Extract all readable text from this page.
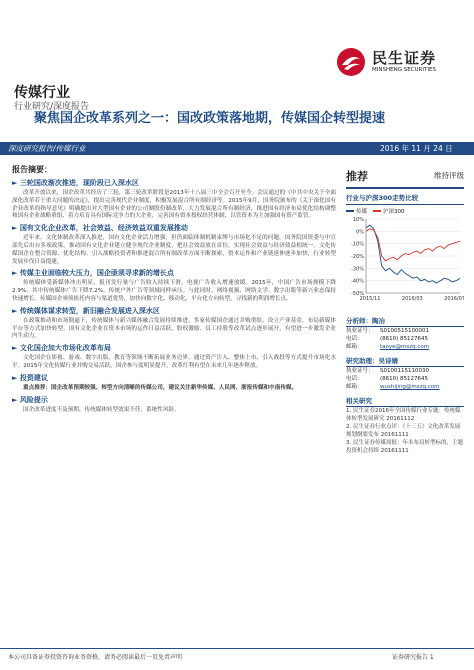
民生证券
MINSHENG SECURITIES
传媒行业
行业研究/深度报告
聚焦国企改革系列之一：国改政策落地期，传媒国企转型提速
深度研究报告/传媒行业	2016 年 11 月 24 日
报告摘要：
► 三轮国改渐次推进，现阶段已入深水区
改革开放以来，国企改革共经历了三轮，第三轮改革阶段是2013年十八届三中全会召开至今。会议通过的《中共中央关于全面深化改革若干重大问题的决定》，提出完善现代企业制度，积极发展混合所有制经济等。2015年9月，国务院颁布的《关于深化国有企业改革的指导意见》明确提出对大型国有企业的公司制股份制改革，大力发展混合所有制经济，推进国有经济布局优化结构调整和国有企业战略重组，着力培育具有国际竞争力的大企业，完善国有资本授权经营体制，以管资本为主加强国有资产监管。
► 国有文化企业改革，社会效益、经济效益双重发展推动
近年来，文化体制改革深入推进，国有文化企业活力增强，但仍面临体制机制束缚与市场化不足的问题。国务院国资委与中宣部先后出台多项政策，推动国有文化企业建立健全现代企业制度，把社会效益放在首位，实现社会效益与经济效益相统一。文化传媒国企在整合资源、优化结构、引入战略投资者和推进混合所有制改革方面不断探索，资本运作和产业链延伸逐步加快，行业转型发展步伐日益提速。
► 传媒主业面临较大压力，国企亟须寻求新的增长点
传统媒体受新媒体冲击明显，报刊发行量与广告收入持续下滑，电视广告收入增速放缓。2015年，中国广告市场规模下降2.9%，其中传统媒体广告下降7.2%，传统户外广告等领域同样承压。与此同时，网络视频、网络文学、数字出版等新兴业态保持快速增长。传媒国企亟须依托内容与渠道优势，加快向数字化、移动化、平台化方向转型，寻找新的利润增长点。
► 传统媒体谋求转型，新旧融合发展进入深水区
在政策推动和市场倒逼下，传统媒体与新兴媒体融合发展持续推进，多家传媒国企通过并购重组、设立产业基金、布局新媒体平台等方式加快转型。国有文化企业在资本市场的运作日益活跃，股权激励、员工持股等改革试点逐步展开，有望进一步激发企业内生动力。
► 文化国企加大市场化改革布局
文化国企在影视、游戏、数字出版、教育等领域不断拓展业务边界，通过资产注入、整体上市、引入战投等方式提升市场化水平。2015年文化传媒行业并购交易活跃，国企参与度明显提升，改革红利有望在未来几年逐步释放。
► 投资建议
重点推荐：国企改革预期较强、转型方向清晰的传媒公司，建议关注新华传媒、人民网、浙报传媒和中南传媒。
► 风险提示
国企改革进度不及预期，传统媒体转型效果不佳，系统性风险。
推荐	维持评级
行业与沪深300走势比较
传媒	沪深300
10%
0%
-10%
-20%
-30%
-40%
-50%
2015/11	2016/03	2016/07
分析师：陶冶
执业证号：	S0100515100001
电话：	(8610) 85127645
邮箱：	taoye@mszq.com
研究助理：吴诗婧
执业证号：	S0100115110030
电话：	(8610) 85127645
邮箱：	wushijing@mszq.com
相关研究
1. 民生证券2016年全国传媒行业专题：传统媒体转型发展研究 20161112
2. 民生证券行业点评：《十三五》文化改革发展规划纲要发布 20161111
3. 民生证券传媒周报：年末布局转型标的，主题投资机会持续 20161111
本公司具备证券投资咨询业务资格，请务必阅读最后一页免责声明	证券研究报告 1
